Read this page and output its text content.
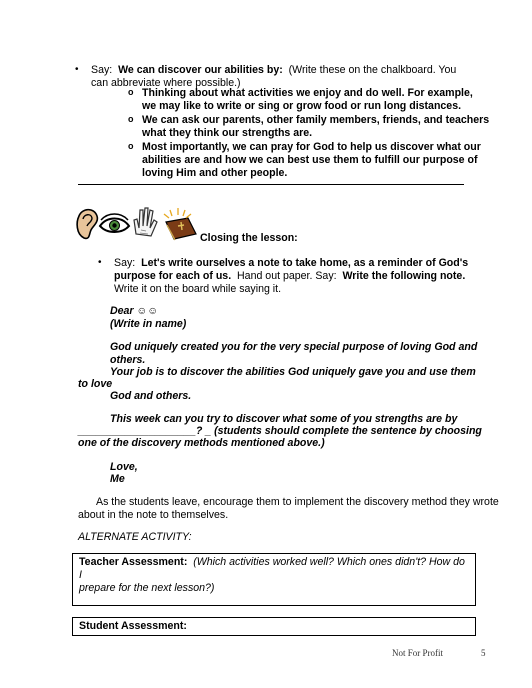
• Say: We can discover our abilities by: (Write these on the chalkboard. You
can abbreviate where possible.)
o Thinking about what activities we enjoy and do well. For example,
we may like to write or sing or grow food or run long distances.
o We can ask our parents, other family members, friends, and teachers
what they think our strengths are.
o Most importantly, we can pray for God to help us discover what our
abilities are and how we can best use them to fulfill our purpose of
loving Him and other people.
Closing the lesson:
• Say: Let's write ourselves a note to take home, as a reminder of God's
purpose for each of us. Hand out paper. Say: Write the following note.
Write it on the board while saying it.
Dear ☺☺
(Write in name)
God uniquely created you for the very special purpose of loving God and
others.
Your job is to discover the abilities God uniquely gave you and use them
to love
God and others.
This week can you try to discover what some of you strengths are by
____________________? _ (students should complete the sentence by choosing
one of the discovery methods mentioned above.)
Love,
Me
As the students leave, encourage them to implement the discovery method they wrote
about in the note to themselves.
ALTERNATE ACTIVITY:
Teacher Assessment: (Which activities worked well? Which ones didn't? How do I
prepare for the next lesson?)
Student Assessment:
Not For Profit	5
